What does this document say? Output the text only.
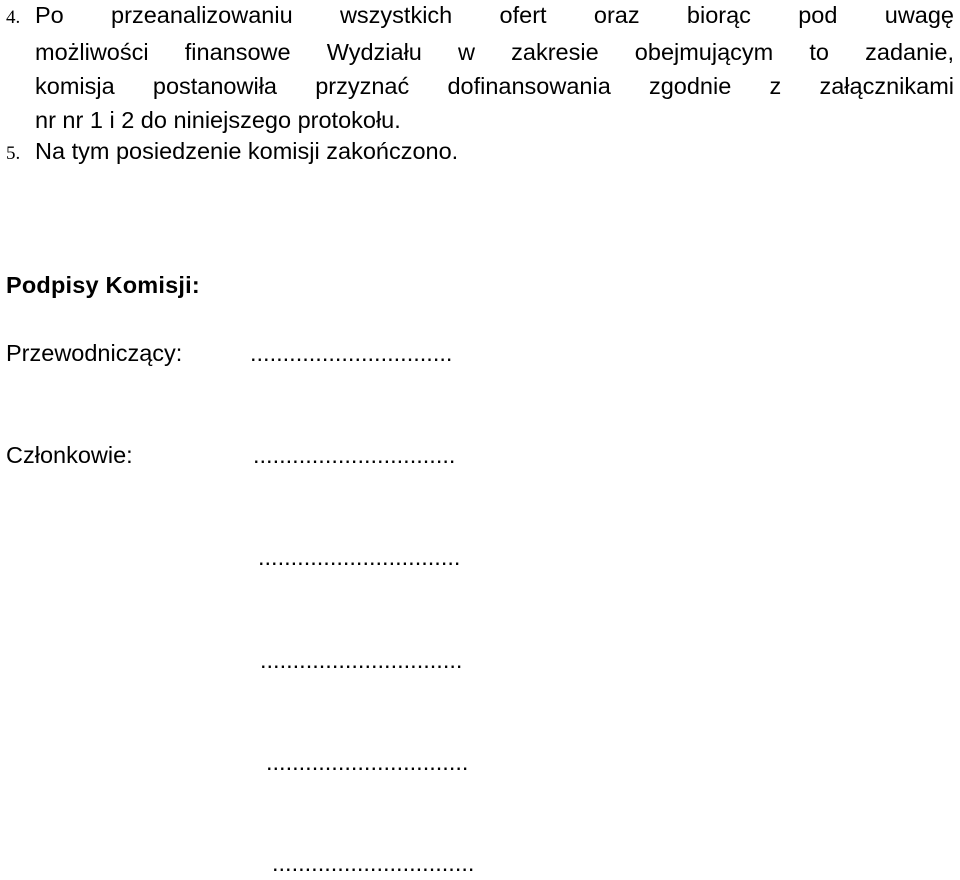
4. Po przeanalizowaniu wszystkich ofert oraz biorąc pod uwagę
możliwości finansowe Wydziału w zakresie obejmującym to zadanie,
komisja postanowiła przyznać dofinansowania zgodnie z załącznikami
nr nr 1 i 2 do niniejszego protokołu.
5. Na tym posiedzenie komisji zakończono.
Podpisy Komisji:
Przewodniczący:	...............................
Członkowie:	...............................
...............................
...............................
...............................
...............................
